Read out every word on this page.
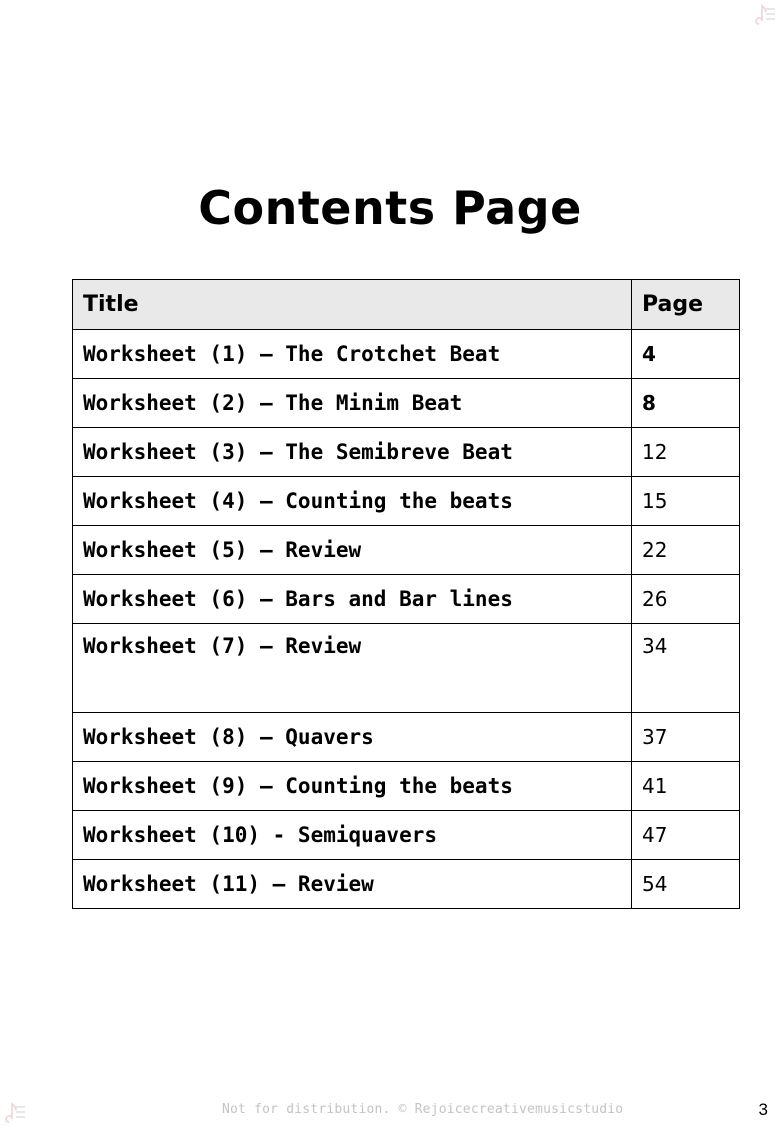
Contents Page
Title	Page
Worksheet (1) – The Crotchet Beat	4
Worksheet (2) – The Minim Beat	8
Worksheet (3) – The Semibreve Beat	12
Worksheet (4) – Counting the beats	15
Worksheet (5) – Review	22
Worksheet (6) – Bars and Bar lines	26
Worksheet (7) – Review	34
Worksheet (8) – Quavers	37
Worksheet (9) – Counting the beats	41
Worksheet (10) - Semiquavers	47
Worksheet (11) – Review	54
Not for distribution. © Rejoicecreativemusicstudio	3
